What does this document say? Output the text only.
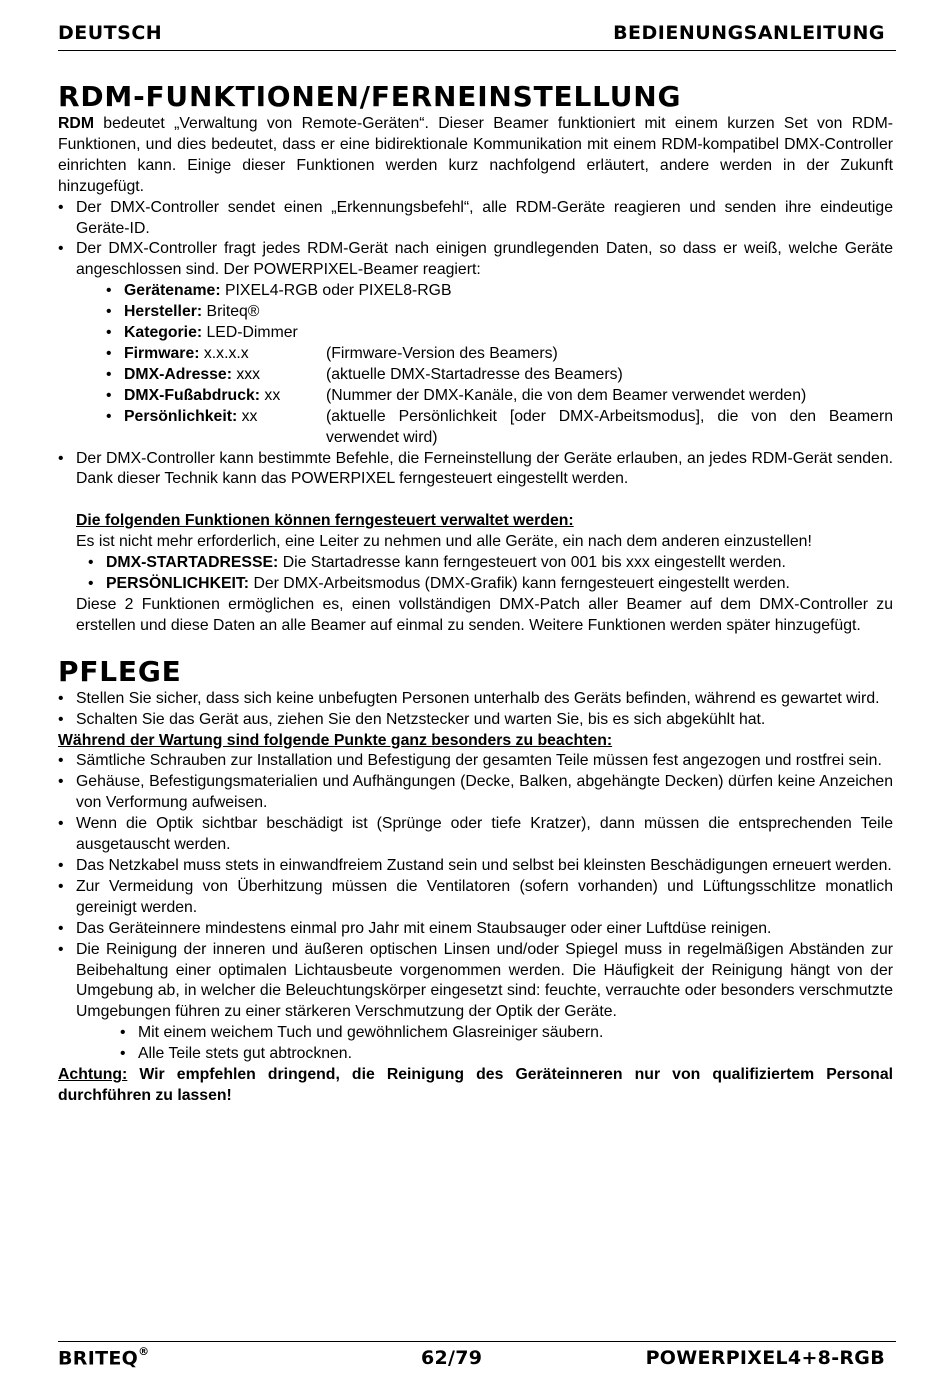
DEUTSCH	BEDIENUNGSANLEITUNG
RDM-FUNKTIONEN/FERNEINSTELLUNG

RDM bedeutet „Verwaltung von Remote-Geräten“. Dieser Beamer funktioniert mit einem kurzen Set von RDM-Funktionen, und dies bedeutet, dass er eine bidirektionale Kommunikation mit einem RDM-kompatibel DMX-Controller einrichten kann. Einige dieser Funktionen werden kurz nachfolgend erläutert, andere werden in der Zukunft hinzugefügt.

• Der DMX-Controller sendet einen „Erkennungsbefehl“, alle RDM-Geräte reagieren und senden ihre eindeutige Geräte-ID.
• Der DMX-Controller fragt jedes RDM-Gerät nach einigen grundlegenden Daten, so dass er weiß, welche Geräte angeschlossen sind. Der POWERPIXEL-Beamer reagiert:
• Gerätename: PIXEL4-RGB oder PIXEL8-RGB
• Hersteller: Briteq®
• Kategorie: LED-Dimmer
• Firmware: x.x.x.x	(Firmware-Version des Beamers)
• DMX-Adresse: xxx	(aktuelle DMX-Startadresse des Beamers)
• DMX-Fußabdruck: xx	(Nummer der DMX-Kanäle, die von dem Beamer verwendet werden)
• Persönlichkeit: xx	(aktuelle Persönlichkeit [oder DMX-Arbeitsmodus], die von den Beamern verwendet wird)
• Der DMX-Controller kann bestimmte Befehle, die Ferneinstellung der Geräte erlauben, an jedes RDM-Gerät senden. Dank dieser Technik kann das POWERPIXEL ferngesteuert eingestellt werden.

Die folgenden Funktionen können ferngesteuert verwaltet werden:

Es ist nicht mehr erforderlich, eine Leiter zu nehmen und alle Geräte, ein nach dem anderen einzustellen!

• DMX-STARTADRESSE: Die Startadresse kann ferngesteuert von 001 bis xxx eingestellt werden.
• PERSÖNLICHKEIT: Der DMX-Arbeitsmodus (DMX-Grafik) kann ferngesteuert eingestellt werden.

Diese 2 Funktionen ermöglichen es, einen vollständigen DMX-Patch aller Beamer auf dem DMX-Controller zu erstellen und diese Daten an alle Beamer auf einmal zu senden. Weitere Funktionen werden später hinzugefügt.

PFLEGE
• Stellen Sie sicher, dass sich keine unbefugten Personen unterhalb des Geräts befinden, während es gewartet wird.
• Schalten Sie das Gerät aus, ziehen Sie den Netzstecker und warten Sie, bis es sich abgekühlt hat.

Während der Wartung sind folgende Punkte ganz besonders zu beachten:

• Sämtliche Schrauben zur Installation und Befestigung der gesamten Teile müssen fest angezogen und rostfrei sein.
• Gehäuse, Befestigungsmaterialien und Aufhängungen (Decke, Balken, abgehängte Decken) dürfen keine Anzeichen von Verformung aufweisen.
• Wenn die Optik sichtbar beschädigt ist (Sprünge oder tiefe Kratzer), dann müssen die entsprechenden Teile ausgetauscht werden.
• Das Netzkabel muss stets in einwandfreiem Zustand sein und selbst bei kleinsten Beschädigungen erneuert werden.
• Zur Vermeidung von Überhitzung müssen die Ventilatoren (sofern vorhanden) und Lüftungsschlitze monatlich gereinigt werden.
• Das Geräteinnere mindestens einmal pro Jahr mit einem Staubsauger oder einer Luftdüse reinigen.
• Die Reinigung der inneren und äußeren optischen Linsen und/oder Spiegel muss in regelmäßigen Abständen zur Beibehaltung einer optimalen Lichtausbeute vorgenommen werden. Die Häufigkeit der Reinigung hängt von der Umgebung ab, in welcher die Beleuchtungskörper eingesetzt sind: feuchte, verrauchte oder besonders verschmutzte Umgebungen führen zu einer stärkeren Verschmutzung der Optik der Geräte.
• Mit einem weichem Tuch und gewöhnlichem Glasreiniger säubern.
• Alle Teile stets gut abtrocknen.

Achtung: Wir empfehlen dringend, die Reinigung des Geräteinneren nur von qualifiziertem Personal durchführen zu lassen!

BRITEQ®	62/79	POWERPIXEL4+8-RGB
